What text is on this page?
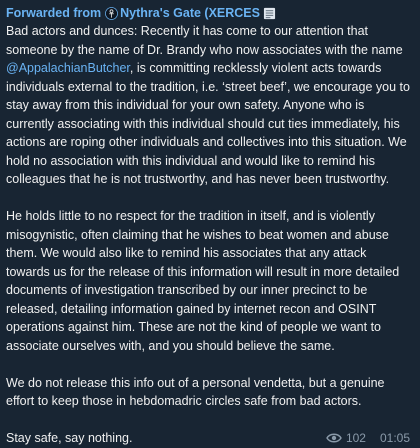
Forwarded from Nythra's Gate (XERCES

Bad actors and dunces: Recently it has come to our attention that someone by the name of Dr. Brandy who now associates with the name @AppalachianButcher, is committing recklessly violent acts towards individuals external to the tradition, i.e. ‘street beef’, we encourage you to stay away from this individual for your own safety. Anyone who is currently associating with this individual should cut ties immediately, his actions are roping other individuals and collectives into this situation. We hold no association with this individual and would like to remind his colleagues that he is not trustworthy, and has never been trustworthy.

He holds little to no respect for the tradition in itself, and is violently misogynistic, often claiming that he wishes to beat women and abuse them. We would also like to remind his associates that any attack towards us for the release of this information will result in more detailed documents of investigation transcribed by our inner precinct to be released, detailing information gained by internet recon and OSINT operations against him. These are not the kind of people we want to associate ourselves with, and you should believe the same.

We do not release this info out of a personal vendetta, but a genuine effort to keep those in hebdomadric circles safe from bad actors.

Stay safe, say nothing.	102 01:05
